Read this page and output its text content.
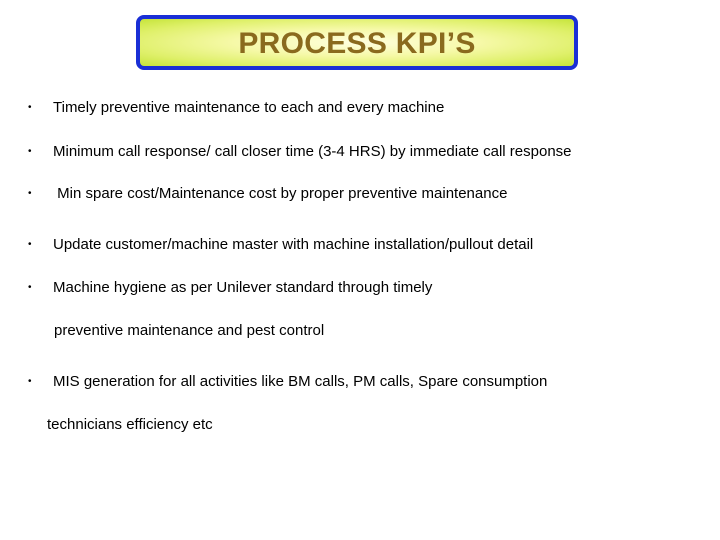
PROCESS KPI’S
• Timely preventive maintenance to each and every machine
• Minimum call response/ call closer time (3-4 HRS) by immediate call response
• Min spare cost/Maintenance cost by proper preventive maintenance
• Update customer/machine master with machine installation/pullout detail
• Machine hygiene as per Unilever standard through timely
preventive maintenance and pest control
• MIS generation for all activities like BM calls, PM calls, Spare consumption
technicians efficiency etc
